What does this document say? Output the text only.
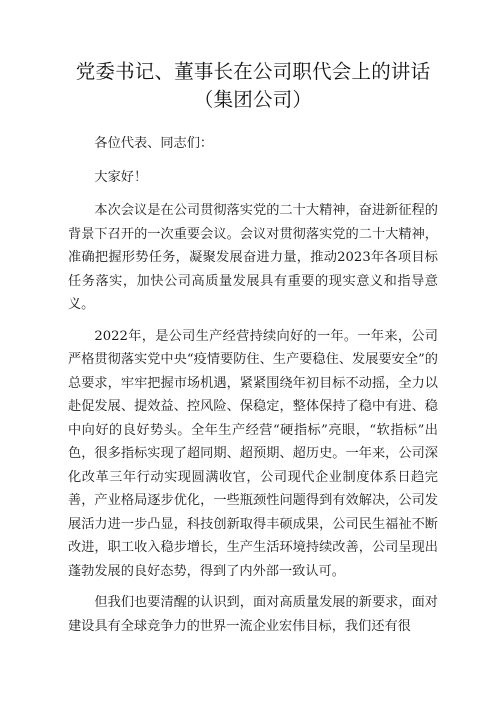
党委书记、董事长在公司职代会上的讲话（集团公司）

各位代表、同志们：

大家好！

本次会议是在公司贯彻落实党的二十大精神，奋进新征程的背景下召开的一次重要会议。会议对贯彻落实党的二十大精神，准确把握形势任务，凝聚发展奋进力量，推动2023年各项目标任务落实，加快公司高质量发展具有重要的现实意义和指导意义。

2022年，是公司生产经营持续向好的一年。一年来，公司严格贯彻落实党中央“疫情要防住、生产要稳住、发展要安全”的总要求，牢牢把握市场机遇，紧紧围绕年初目标不动摇，全力以赴促发展、提效益、控风险、保稳定，整体保持了稳中有进、稳中向好的良好势头。全年生产经营“硬指标”亮眼，“软指标”出色，很多指标实现了超同期、超预期、超历史。一年来，公司深化改革三年行动实现圆满收官，公司现代企业制度体系日趋完善，产业格局逐步优化，一些瓶颈性问题得到有效解决，公司发展活力进一步凸显，科技创新取得丰硕成果，公司民生福祉不断改进，职工收入稳步增长，生产生活环境持续改善，公司呈现出蓬勃发展的良好态势，得到了内外部一致认可。

但我们也要清醒的认识到，面对高质量发展的新要求，面对建设具有全球竞争力的世界一流企业宏伟目标，我们还有很
